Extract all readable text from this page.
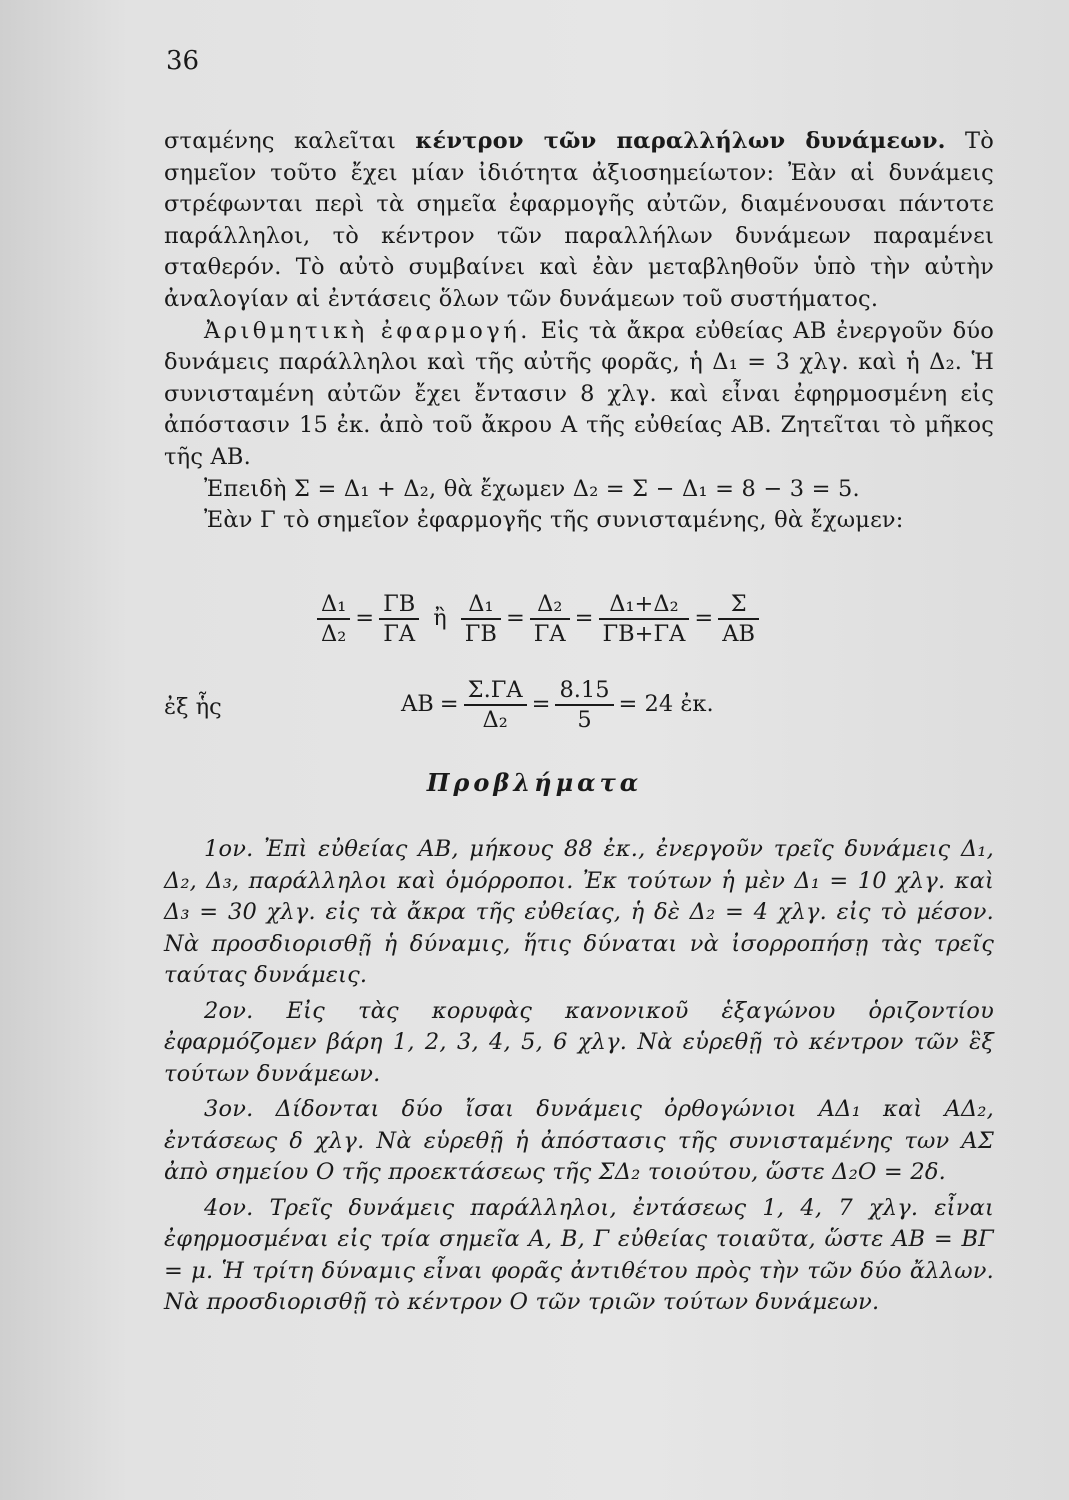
36

σταμένης καλεῖται κέντρον τῶν παραλλήλων δυνάμεων. Τὸ σημεῖον τοῦτο ἔχει μίαν ἰδιότητα ἀξιοσημείωτον: Ἐὰν αἱ δυνάμεις στρέφωνται περὶ τὰ σημεῖα ἐφαρμογῆς αὐτῶν, διαμένουσαι πάντοτε παράλληλοι, τὸ κέντρον τῶν παραλλήλων δυνάμεων παραμένει σταθερόν. Τὸ αὐτὸ συμβαίνει καὶ ἐὰν μεταβληθοῦν ὑπὸ τὴν αὐτὴν ἀναλογίαν αἱ ἐντάσεις ὅλων τῶν δυνάμεων τοῦ συστήματος.

Ἀριθμητικὴ ἐφαρμογή. Εἰς τὰ ἄκρα εὐθείας ΑΒ ἐνεργοῦν δύο δυνάμεις παράλληλοι καὶ τῆς αὐτῆς φορᾶς, ἡ Δ₁ = 3 χλγ. καὶ ἡ Δ₂. Ἡ συνισταμένη αὐτῶν ἔχει ἔντασιν 8 χλγ. καὶ εἶναι ἐφηρμοσμένη εἰς ἀπόστασιν 15 ἐκ. ἀπὸ τοῦ ἄκρου Α τῆς εὐθείας ΑΒ. Ζητεῖται τὸ μῆκος τῆς ΑΒ.

Ἐπειδὴ Σ = Δ₁ + Δ₂, θὰ ἔχωμεν Δ₂ = Σ − Δ₁ = 8 − 3 = 5.

Ἐὰν Γ τὸ σημεῖον ἐφαρμογῆς τῆς συνισταμένης, θὰ ἔχωμεν:

$\frac{\text{Δ₁}}{\text{Δ₂}} = \frac{\Gamma B}{\Gamma A}$ ἢ $\frac{\text{Δ₁}}{\Gamma B} = \frac{\text{Δ₂}}{\Gamma A} = \frac{\text{Δ₁+Δ₂}}{\Gamma B+\Gamma A} = \frac{\Sigma}{AB}$
ἐξ ἧς	$AB = \frac{\Sigma.\Gamma A}{\text{Δ₂}} = \frac{8.15}{5} = 24$ ἐκ.
Προβλήματα

1ον. Ἐπὶ εὐθείας ΑΒ, μήκους 88 ἐκ., ἐνεργοῦν τρεῖς δυνάμεις Δ₁, Δ₂, Δ₃, παράλληλοι καὶ ὁμόρροποι. Ἐκ τούτων ἡ μὲν Δ₁ = 10 χλγ. καὶ Δ₃ = 30 χλγ. εἰς τὰ ἄκρα τῆς εὐθείας, ἡ δὲ Δ₂ = 4 χλγ. εἰς τὸ μέσον. Νὰ προσδιορισθῇ ἡ δύναμις, ἥτις δύναται νὰ ἰσορροπήσῃ τὰς τρεῖς ταύτας δυνάμεις.

2ον. Εἰς τὰς κορυφὰς κανονικοῦ ἑξαγώνου ὁριζοντίου ἐφαρμόζομεν βάρη 1, 2, 3, 4, 5, 6 χλγ. Νὰ εὑρεθῇ τὸ κέντρον τῶν ἓξ τούτων δυνάμεων.

3ον. Δίδονται δύο ἴσαι δυνάμεις ὀρθογώνιοι ΑΔ₁ καὶ ΑΔ₂, ἐντάσεως δ χλγ. Νὰ εὑρεθῇ ἡ ἀπόστασις τῆς συνισταμένης των ΑΣ ἀπὸ σημείου Ο τῆς προεκτάσεως τῆς ΣΔ₂ τοιούτου, ὥστε Δ₂Ο = 2δ.

4ον. Τρεῖς δυνάμεις παράλληλοι, ἐντάσεως 1, 4, 7 χλγ. εἶναι ἐφηρμοσμέναι εἰς τρία σημεῖα Α, Β, Γ εὐθείας τοιαῦτα, ὥστε ΑΒ = ΒΓ = μ. Ἡ τρίτη δύναμις εἶναι φορᾶς ἀντιθέτου πρὸς τὴν τῶν δύο ἄλλων. Νὰ προσδιορισθῇ τὸ κέντρον Ο τῶν τριῶν τούτων δυνάμεων.
